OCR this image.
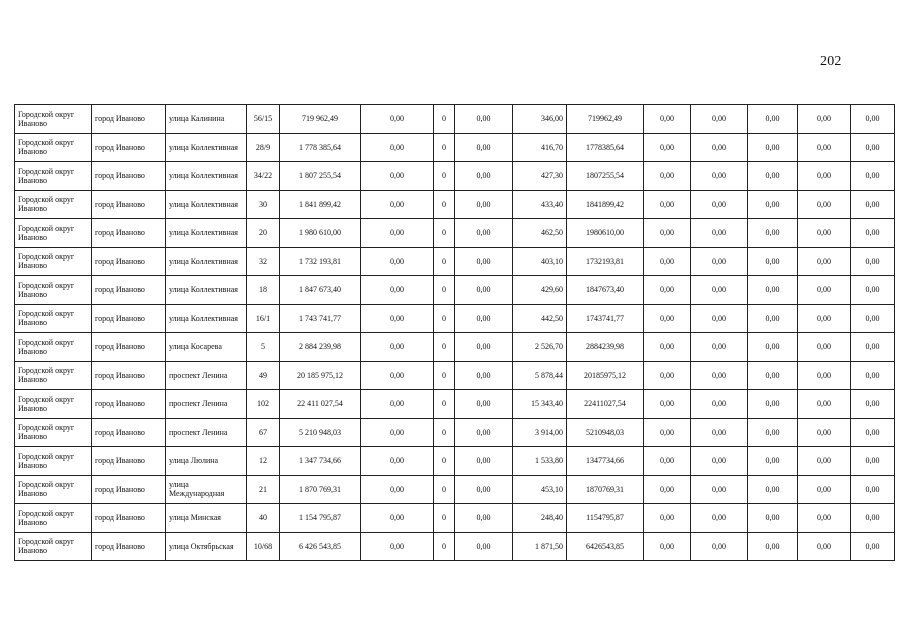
202
Городской округ Иваново	город Иваново	улица Калинина	56/15	719 962,49	0,00	0	0,00	346,00	719962,49	0,00	0,00	0,00	0,00	0,00
Городской округ Иваново	город Иваново	улица Коллективная	28/9	1 778 385,64	0,00	0	0,00	416,70	1778385,64	0,00	0,00	0,00	0,00	0,00
Городской округ Иваново	город Иваново	улица Коллективная	34/22	1 807 255,54	0,00	0	0,00	427,30	1807255,54	0,00	0,00	0,00	0,00	0,00
Городской округ Иваново	город Иваново	улица Коллективная	30	1 841 899,42	0,00	0	0,00	433,40	1841899,42	0,00	0,00	0,00	0,00	0,00
Городской округ Иваново	город Иваново	улица Коллективная	20	1 980 610,00	0,00	0	0,00	462,50	1980610,00	0,00	0,00	0,00	0,00	0,00
Городской округ Иваново	город Иваново	улица Коллективная	32	1 732 193,81	0,00	0	0,00	403,10	1732193,81	0,00	0,00	0,00	0,00	0,00
Городской округ Иваново	город Иваново	улица Коллективная	18	1 847 673,40	0,00	0	0,00	429,60	1847673,40	0,00	0,00	0,00	0,00	0,00
Городской округ Иваново	город Иваново	улица Коллективная	16/1	1 743 741,77	0,00	0	0,00	442,50	1743741,77	0,00	0,00	0,00	0,00	0,00
Городской округ Иваново	город Иваново	улица Косарева	5	2 884 239,98	0,00	0	0,00	2 526,70	2884239,98	0,00	0,00	0,00	0,00	0,00
Городской округ Иваново	город Иваново	проспект Ленина	49	20 185 975,12	0,00	0	0,00	5 878,44	20185975,12	0,00	0,00	0,00	0,00	0,00
Городской округ Иваново	город Иваново	проспект Ленина	102	22 411 027,54	0,00	0	0,00	15 343,40	22411027,54	0,00	0,00	0,00	0,00	0,00
Городской округ Иваново	город Иваново	проспект Ленина	67	5 210 948,03	0,00	0	0,00	3 914,00	5210948,03	0,00	0,00	0,00	0,00	0,00
Городской округ Иваново	город Иваново	улица Люлина	12	1 347 734,66	0,00	0	0,00	1 533,80	1347734,66	0,00	0,00	0,00	0,00	0,00
Городской округ Иваново	город Иваново	улица Международная	21	1 870 769,31	0,00	0	0,00	453,10	1870769,31	0,00	0,00	0,00	0,00	0,00
Городской округ Иваново	город Иваново	улица Минская	40	1 154 795,87	0,00	0	0,00	248,40	1154795,87	0,00	0,00	0,00	0,00	0,00
Городской округ Иваново	город Иваново	улица Октябрьская	10/68	6 426 543,85	0,00	0	0,00	1 871,50	6426543,85	0,00	0,00	0,00	0,00	0,00
